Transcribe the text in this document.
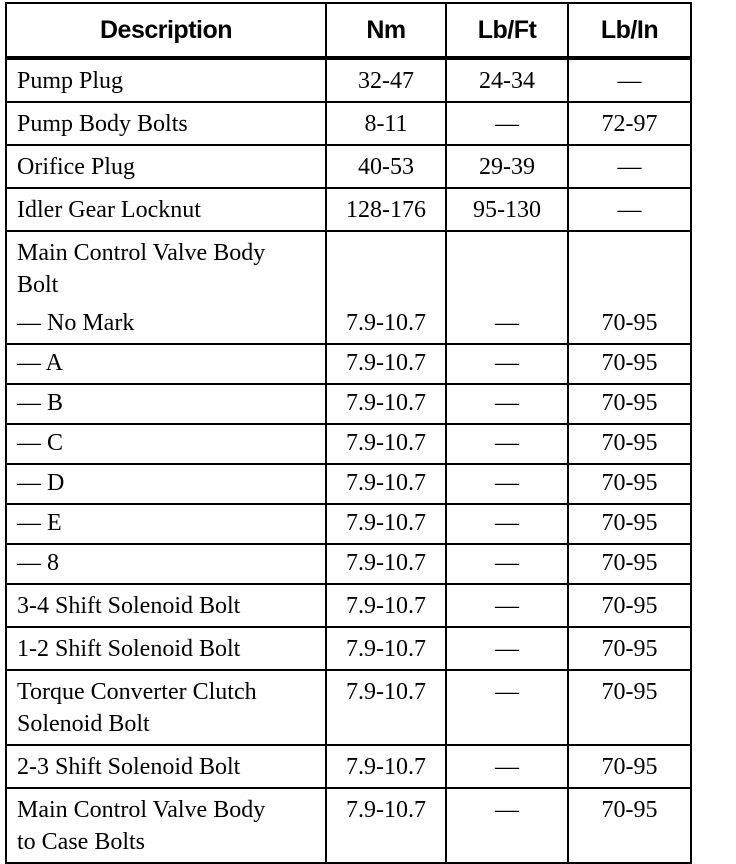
Description	Nm	Lb/Ft	Lb/In

Pump Plug	32-47	24-34	—

Pump Body Bolts	8-11	—	72-97

Orifice Plug	40-53	29-39	—

Idler Gear Locknut	128-176	95-130	—

Main Control Valve Body
Bolt			

— No Mark	7.9-10.7	—	70-95
— A	7.9-10.7	—	70-95
— B	7.9-10.7	—	70-95
— C	7.9-10.7	—	70-95
— D	7.9-10.7	—	70-95
— E	7.9-10.7	—	70-95
— 8	7.9-10.7	—	70-95

3-4 Shift Solenoid Bolt	7.9-10.7	—	70-95

1-2 Shift Solenoid Bolt	7.9-10.7	—	70-95

Torque Converter Clutch
Solenoid Bolt	7.9-10.7	—	70-95

2-3 Shift Solenoid Bolt	7.9-10.7	—	70-95

Main Control Valve Body
to Case Bolts	7.9-10.7	—	70-95
